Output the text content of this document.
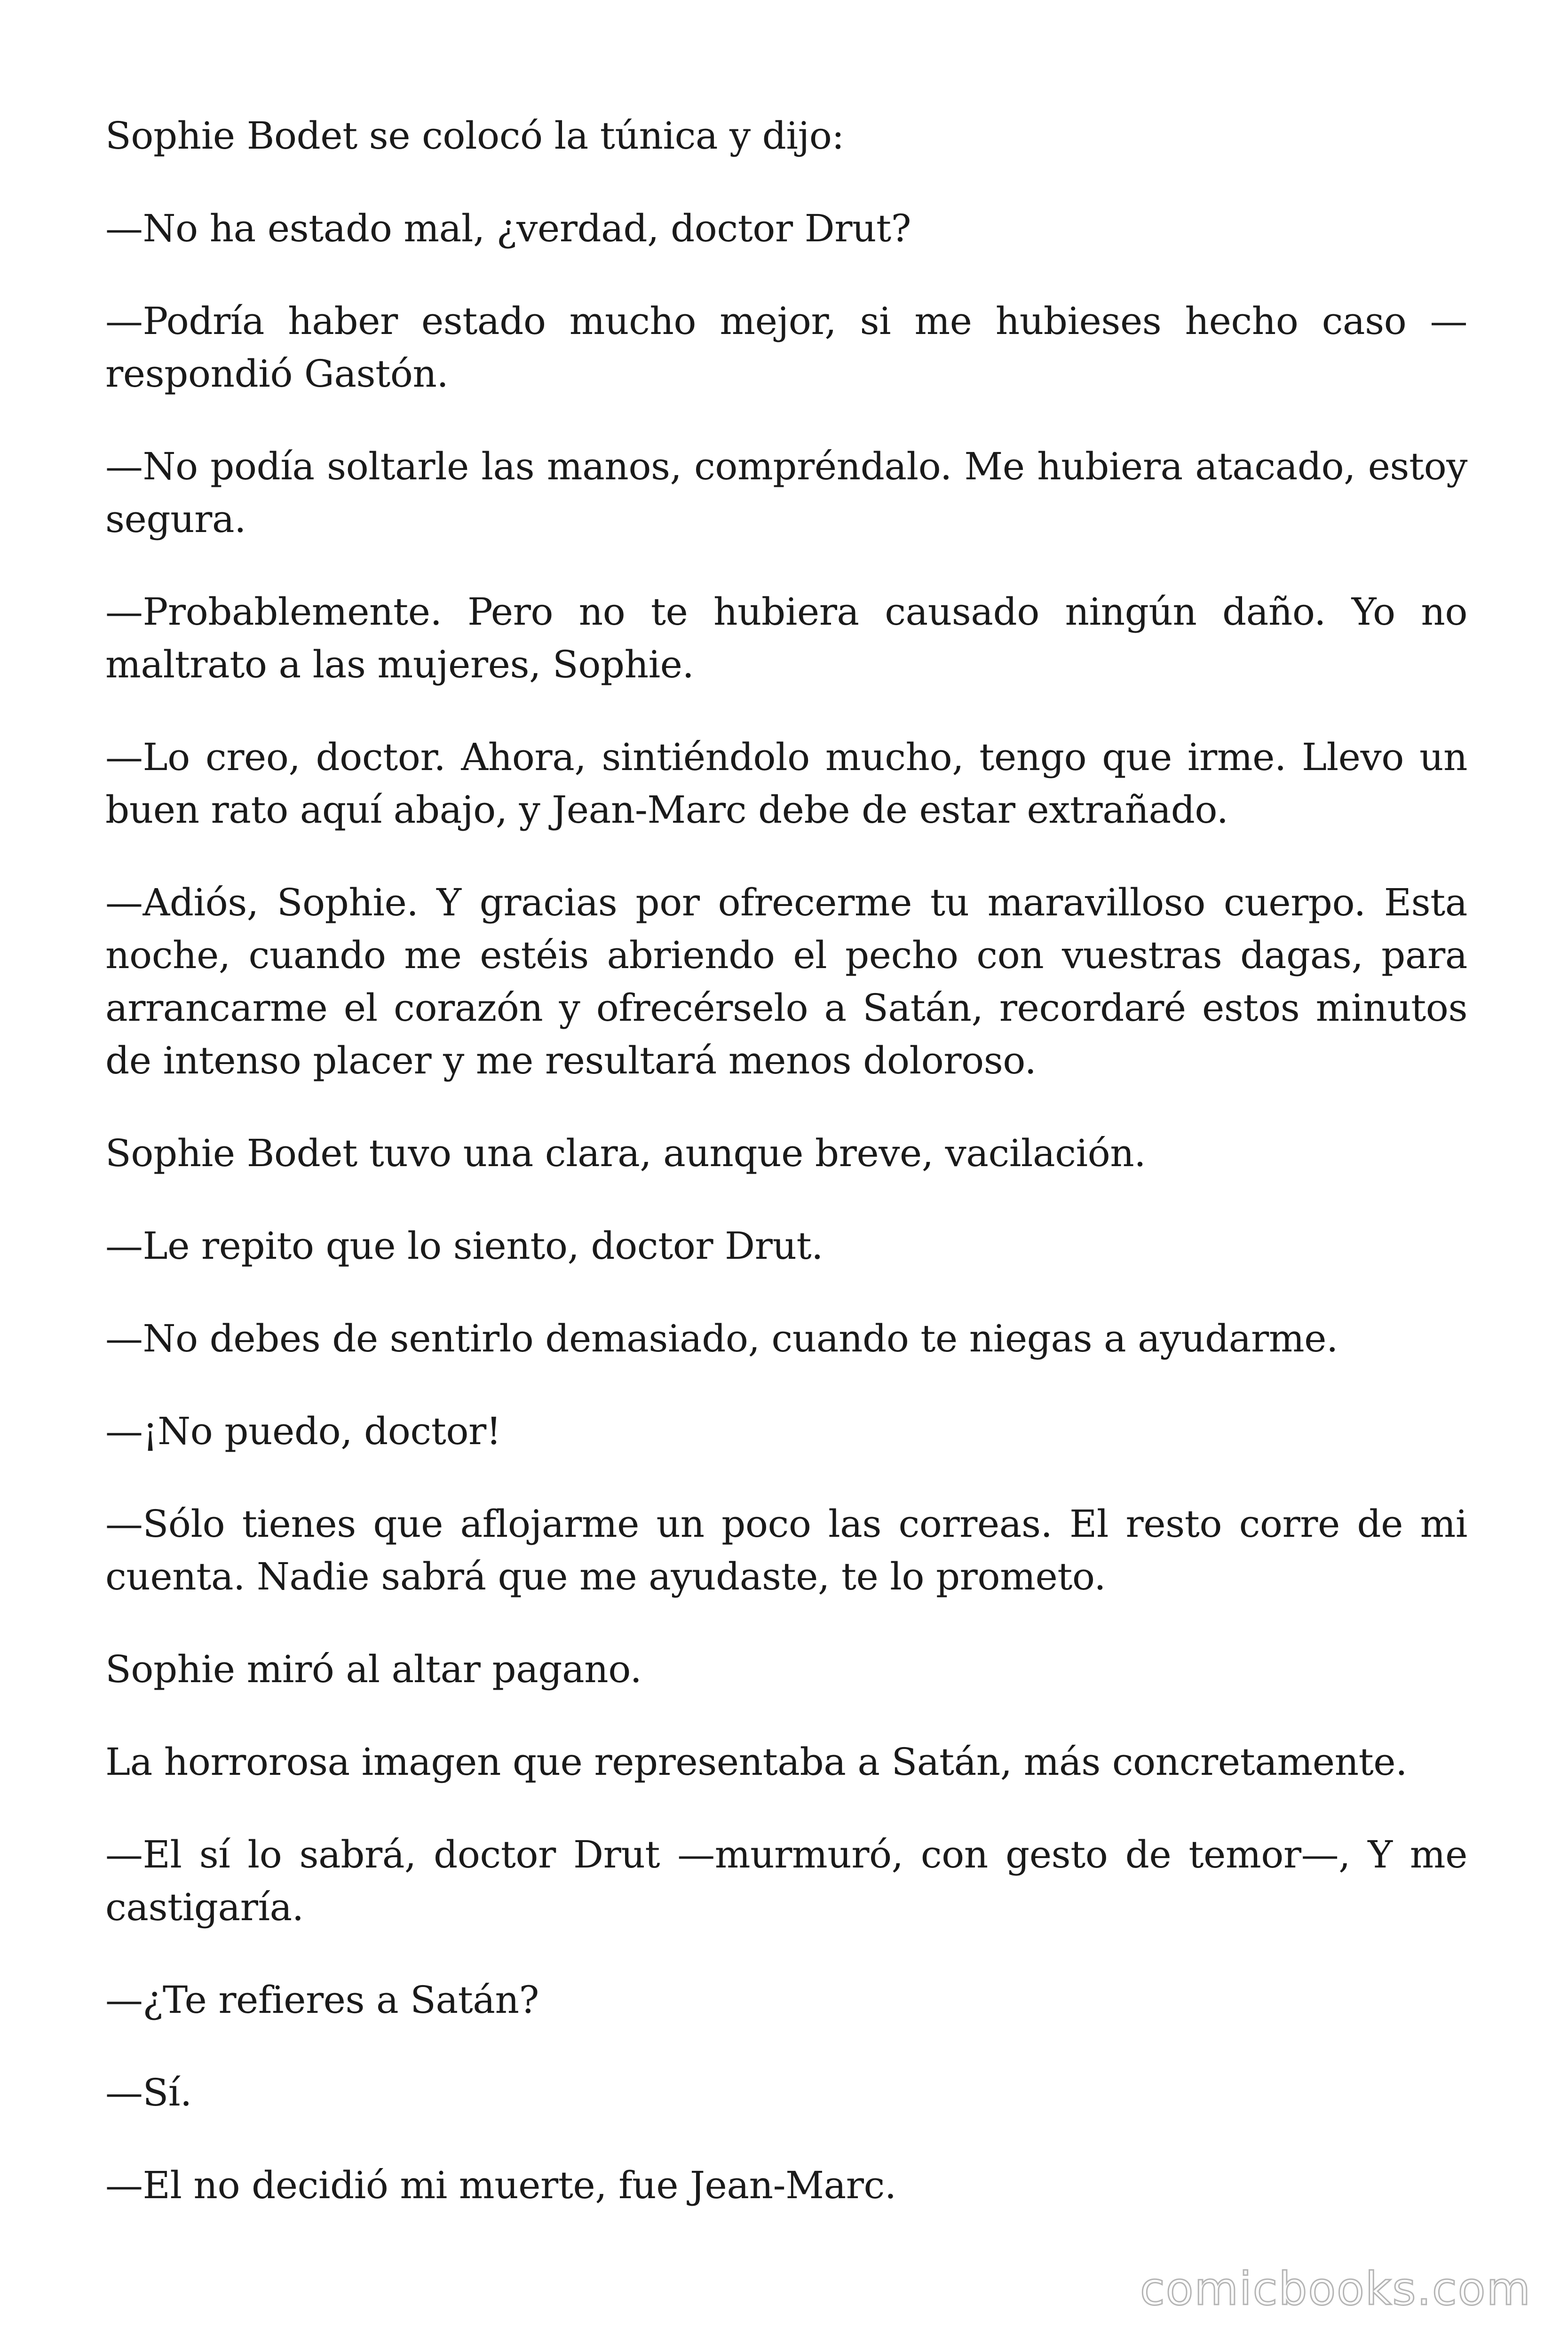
Sophie Bodet se colocó la túnica y dijo:

—No ha estado mal, ¿verdad, doctor Drut?

—Podría haber estado mucho mejor, si me hubieses hecho caso —respondió Gastón.

—No podía soltarle las manos, compréndalo. Me hubiera atacado, estoy segura.

—Probablemente. Pero no te hubiera causado ningún daño. Yo no maltrato a las mujeres, Sophie.

—Lo creo, doctor. Ahora, sintiéndolo mucho, tengo que irme. Llevo un buen rato aquí abajo, y Jean-Marc debe de estar extrañado.

—Adiós, Sophie. Y gracias por ofrecerme tu maravilloso cuerpo. Esta noche, cuando me estéis abriendo el pecho con vuestras dagas, para arrancarme el corazón y ofrecérselo a Satán, recordaré estos minutos de intenso placer y me resultará menos doloroso.

Sophie Bodet tuvo una clara, aunque breve, vacilación.

—Le repito que lo siento, doctor Drut.

—No debes de sentirlo demasiado, cuando te niegas a ayudarme.

—¡No puedo, doctor!

—Sólo tienes que aflojarme un poco las correas. El resto corre de mi cuenta. Nadie sabrá que me ayudaste, te lo prometo.

Sophie miró al altar pagano.

La horrorosa imagen que representaba a Satán, más concretamente.

—El sí lo sabrá, doctor Drut —murmuró, con gesto de temor—, Y me castigaría.

—¿Te refieres a Satán?

—Sí.

—El no decidió mi muerte, fue Jean-Marc.

comicbooks.com
